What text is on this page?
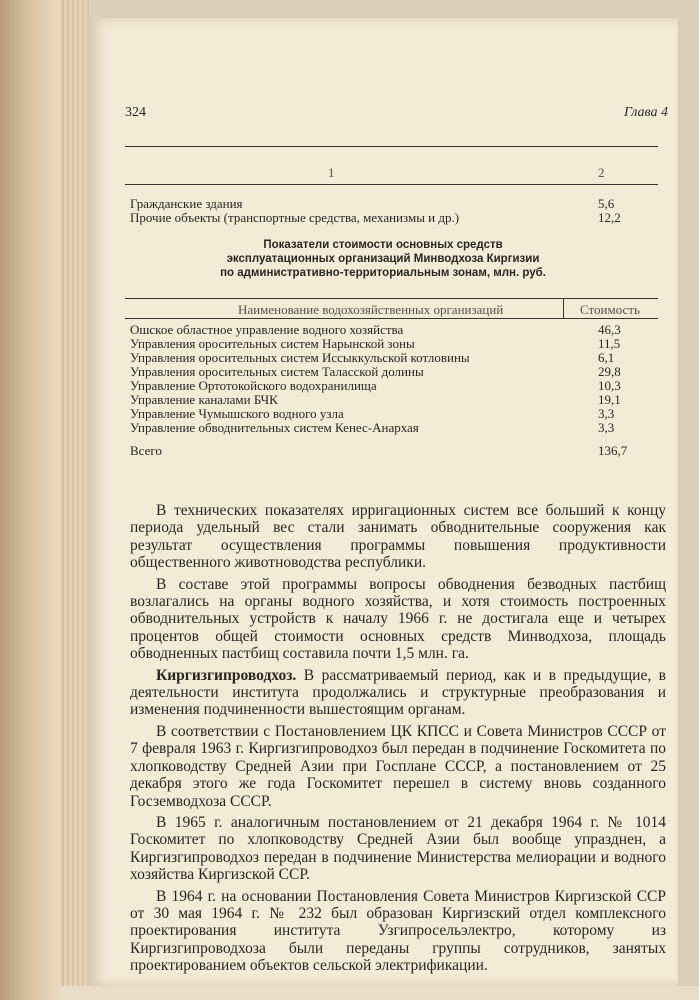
324	Глава 4
1	2
Гражданские здания	5,6
Прочие объекты (транспортные средства, механизмы и др.)	12,2
Показатели стоимости основных средств
эксплуатационных организаций Минводхоза Киргизии
по административно-территориальным зонам, млн. руб.
Наименование водохозяйственных организаций	Стоимость
Ошское областное управление водного хозяйства	46,3
Управления оросительных систем Нарынской зоны	11,5
Управления оросительных систем Иссыккульской котловины	6,1
Управления оросительных систем Таласской долины	29,8
Управление Ортотокойского водохранилища	10,3
Управление каналами БЧК	19,1
Управление Чумышского водного узла	3,3
Управление обводнительных систем Кенес-Анархая	3,3
Всего	136,7

В технических показателях ирригационных систем все больший к концу периода удельный вес стали занимать обводнительные сооружения как результат осуществления программы повышения продуктивности общественного животноводства республики.

В составе этой программы вопросы обводнения безводных пастбищ возлагались на органы водного хозяйства, и хотя стоимость построенных обводнительных устройств к началу 1966 г. не достигала еще и четырех процентов общей стоимости основных средств Минводхоза, площадь обводненных пастбищ составила почти 1,5 млн. га.

Киргизгипроводхоз. В рассматриваемый период, как и в предыдущие, в деятельности института продолжались и структурные преобразования и изменения подчиненности вышестоящим органам.

В соответствии с Постановлением ЦК КПСС и Совета Министров СССР от 7 февраля 1963 г. Киргизгипроводхоз был передан в подчинение Госкомитета по хлопководству Средней Азии при Госплане СССР, а постановлением от 25 декабря этого же года Госкомитет перешел в систему вновь созданного Госземводхоза СССР.

В 1965 г. аналогичным постановлением от 21 декабря 1964 г. № 1014 Госкомитет по хлопководству Средней Азии был вообще упразднен, а Киргизгипроводхоз передан в подчинение Министерства мелиорации и водного хозяйства Киргизской ССР.

В 1964 г. на основании Постановления Совета Министров Киргизской ССР от 30 мая 1964 г. № 232 был образован Киргизский отдел комплексного проектирования института Узгипросельэлектро, которому из Киргизгипроводхоза были переданы группы сотрудников, занятых проектированием объектов сельской электрификации.
